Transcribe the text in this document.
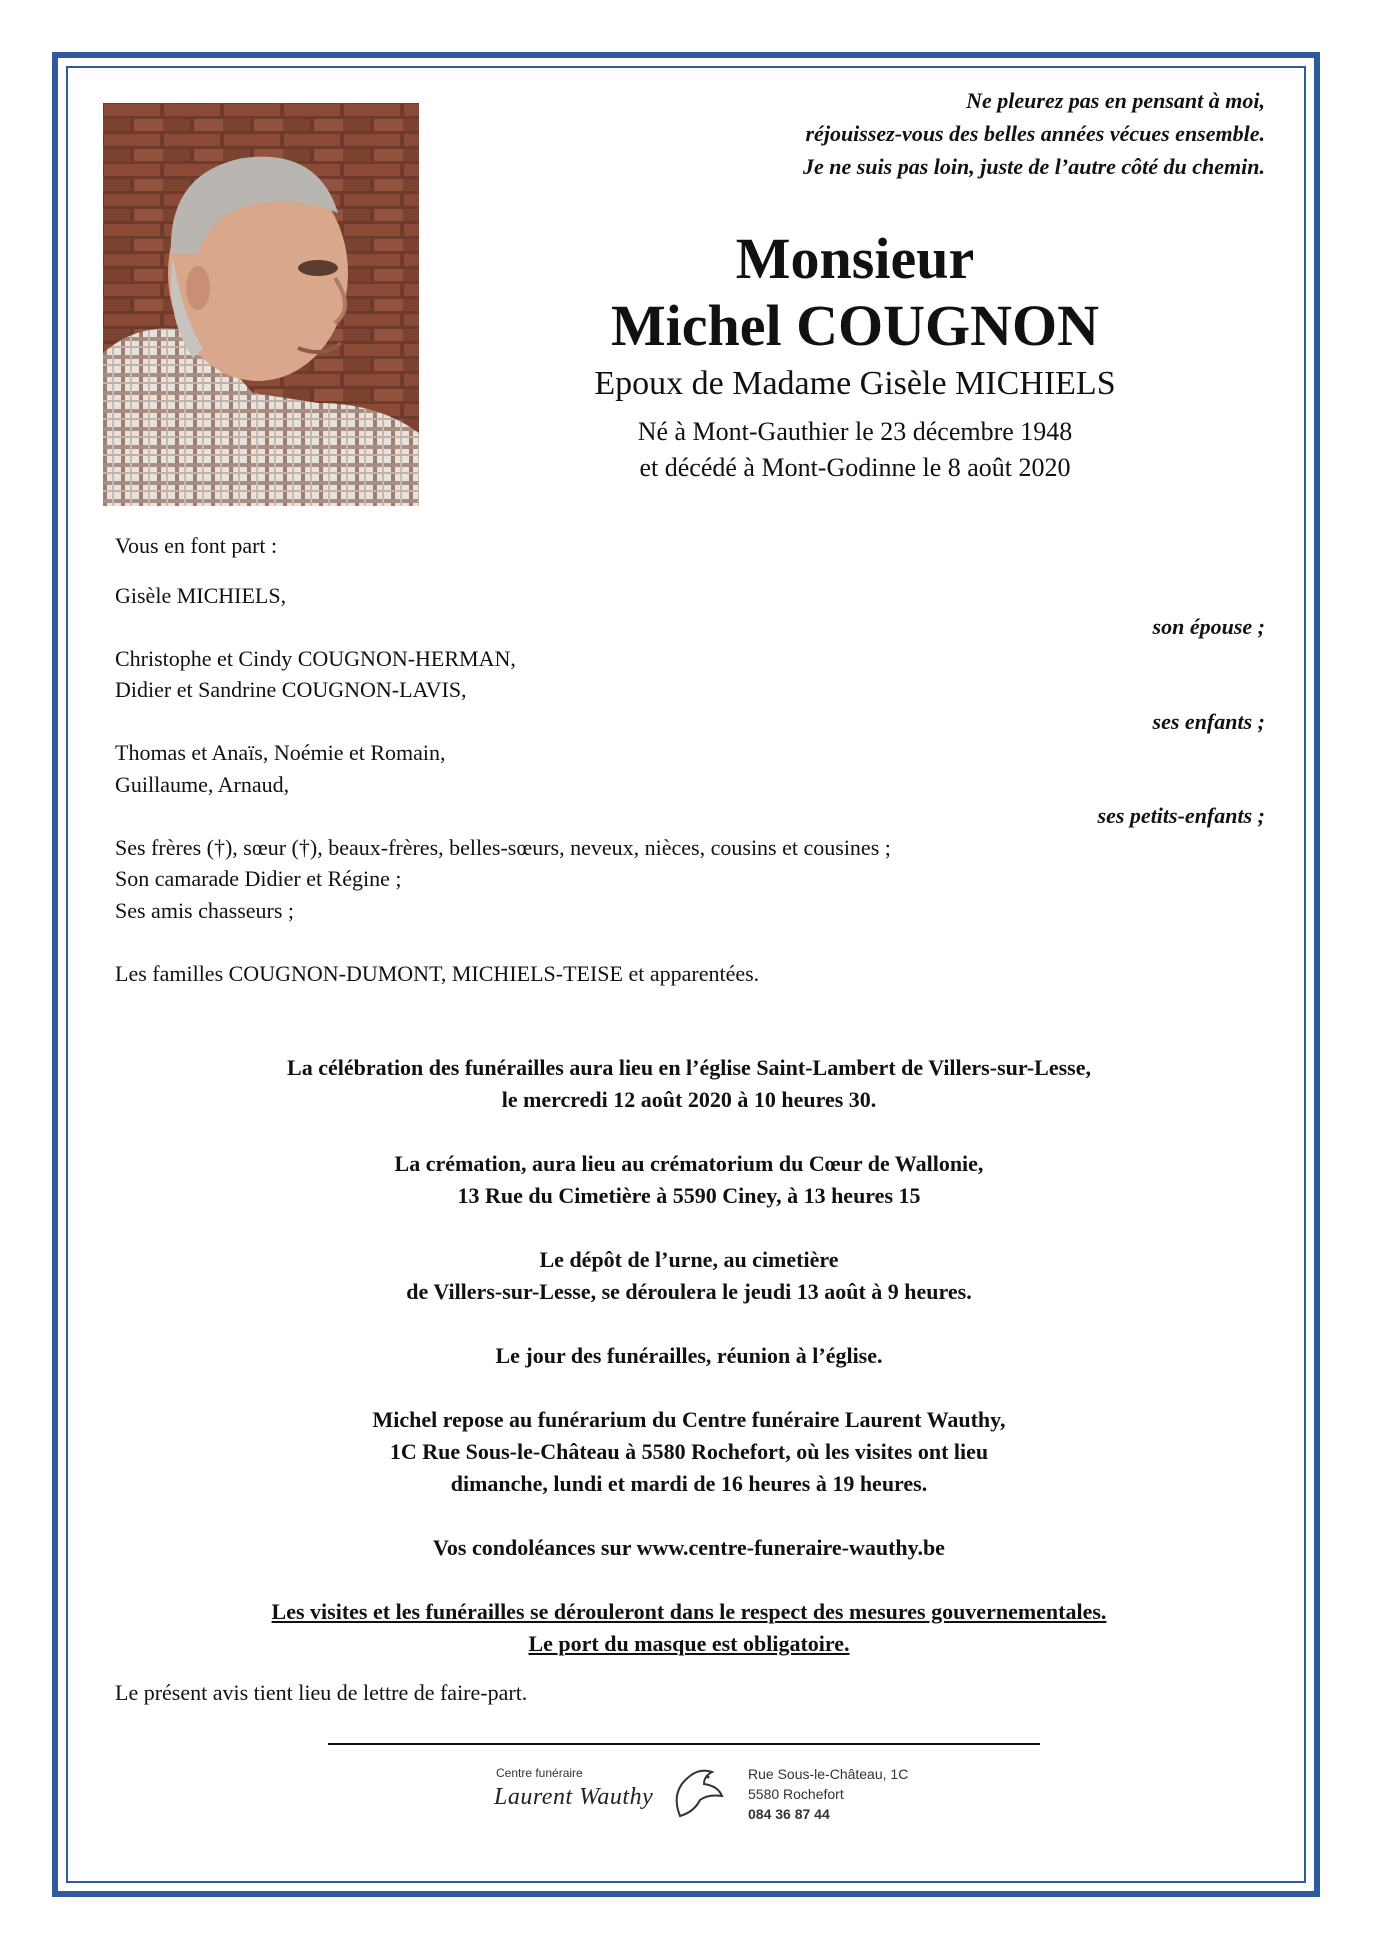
Ne pleurez pas en pensant à moi,
réjouissez-vous des belles années vécues ensemble.
Je ne suis pas loin, juste de l’autre côté du chemin.
Monsieur
Michel COUGNON
Epoux de Madame Gisèle MICHIELS
Né à Mont-Gauthier le 23 décembre 1948
et décédé à Mont-Godinne le 8 août 2020
Vous en font part :
Gisèle MICHIELS,
son épouse ;
Christophe et Cindy COUGNON-HERMAN,
Didier et Sandrine COUGNON-LAVIS,
ses enfants ;
Thomas et Anaïs, Noémie et Romain,
Guillaume, Arnaud,
ses petits-enfants ;
Ses frères (†), sœur (†), beaux-frères, belles-sœurs, neveux, nièces, cousins et cousines ;
Son camarade Didier et Régine ;
Ses amis chasseurs ;
Les familles COUGNON-DUMONT, MICHIELS-TEISE et apparentées.
La célébration des funérailles aura lieu en l’église Saint-Lambert de Villers-sur-Lesse,
le mercredi 12 août 2020 à 10 heures 30.
La crémation, aura lieu au crématorium du Cœur de Wallonie,
13 Rue du Cimetière à 5590 Ciney, à 13 heures 15
Le dépôt de l’urne, au cimetière
de Villers-sur-Lesse, se déroulera le jeudi 13 août à 9 heures.
Le jour des funérailles, réunion à l’église.
Michel repose au funérarium du Centre funéraire Laurent Wauthy,
1C Rue Sous-le-Château à 5580 Rochefort, où les visites ont lieu
dimanche, lundi et mardi de 16 heures à 19 heures.
Vos condoléances sur www.centre-funeraire-wauthy.be
Les visites et les funérailles se dérouleront dans le respect des mesures gouvernementales.
Le port du masque est obligatoire.
Le présent avis tient lieu de lettre de faire-part.
Centre funéraire
Laurent Wauthy
Rue Sous-le-Château, 1C
5580 Rochefort
084 36 87 44
